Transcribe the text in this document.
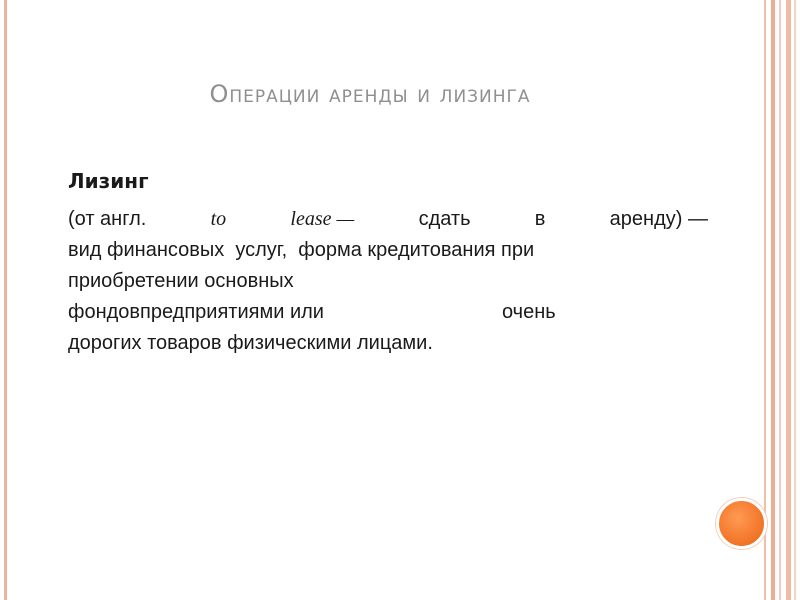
Операции аренды и лизинга
Лизинг
(от англ.	to	lease —	сдать	в	аренду) —
вид финансовых  услуг,  форма кредитования при
приобретении основных
фондовпредприятиями или	очень
дорогих товаров физическими лицами.
